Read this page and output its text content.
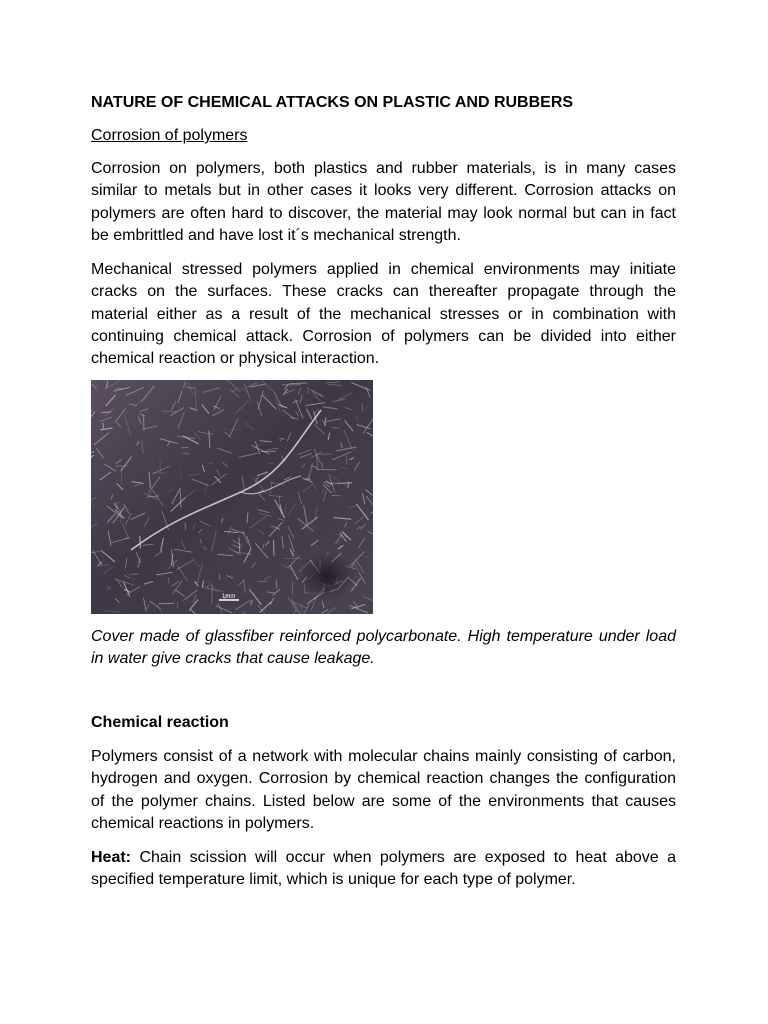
NATURE OF CHEMICAL ATTACKS ON PLASTIC AND RUBBERS
Corrosion of polymers

Corrosion on polymers, both plastics and rubber materials, is in many cases similar to metals but in other cases it looks very different. Corrosion attacks on polymers are often hard to discover, the material may look normal but can in fact be embrittled and have lost it´s mechanical strength.

Mechanical stressed polymers applied in chemical environments may initiate cracks on the surfaces. These cracks can thereafter propagate through the material either as a result of the mechanical stresses or in combination with continuing chemical attack. Corrosion of polymers can be divided into either chemical reaction or physical interaction.

1mm

Cover made of glassfiber reinforced polycarbonate. High temperature under load in water give cracks that cause leakage.

Chemical reaction

Polymers consist of a network with molecular chains mainly consisting of carbon, hydrogen and oxygen. Corrosion by chemical reaction changes the configuration of the polymer chains. Listed below are some of the environments that causes chemical reactions in polymers.

Heat: Chain scission will occur when polymers are exposed to heat above a specified temperature limit, which is unique for each type of polymer.
